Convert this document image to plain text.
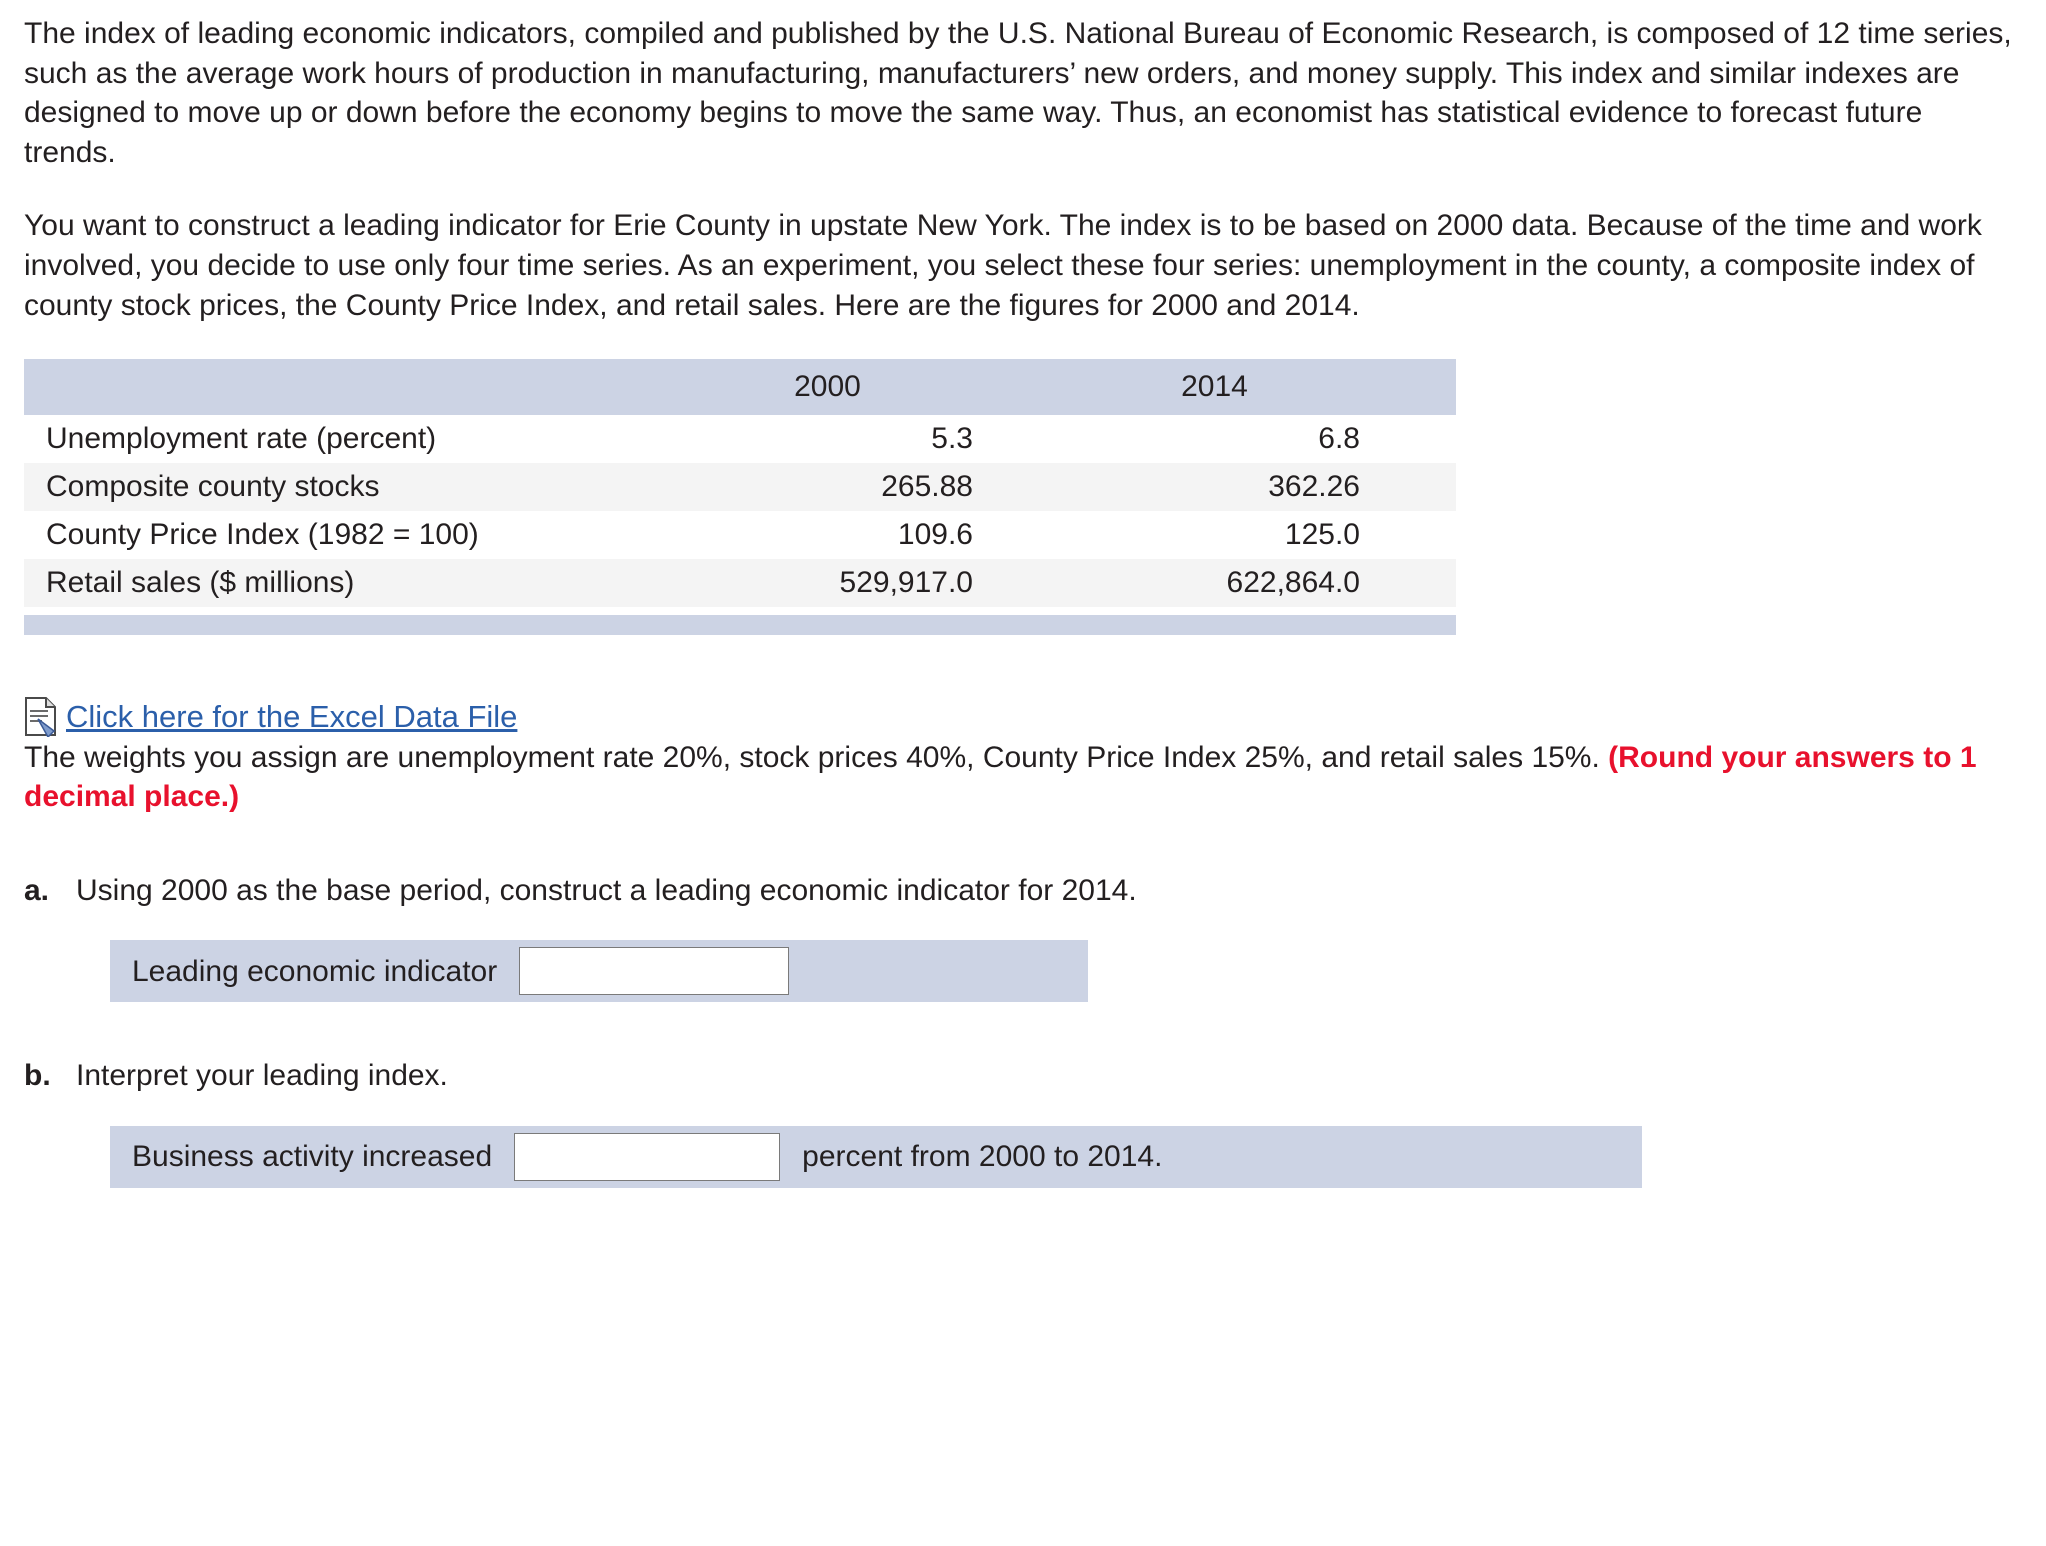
The index of leading economic indicators, compiled and published by the U.S. National Bureau of Economic Research, is composed of 12 time series, such as the average work hours of production in manufacturing, manufacturers’ new orders, and money supply. This index and similar indexes are designed to move up or down before the economy begins to move the same way. Thus, an economist has statistical evidence to forecast future trends.

You want to construct a leading indicator for Erie County in upstate New York. The index is to be based on 2000 data. Because of the time and work involved, you decide to use only four time series. As an experiment, you select these four series: unemployment in the county, a composite index of county stock prices, the County Price Index, and retail sales. Here are the figures for 2000 and 2014.

	2000	2014
Unemployment rate (percent)	5.3	6.8
Composite county stocks	265.88	362.26
County Price Index (1982 = 100)	109.6	125.0
Retail sales ($ millions)	529,917.0	622,864.0
Click here for the Excel Data File

The weights you assign are unemployment rate 20%, stock prices 40%, County Price Index 25%, and retail sales 15%. (Round your answers to 1 decimal place.)

a. Using 2000 as the base period, construct a leading economic indicator for 2014.
Leading economic indicator
b. Interpret your leading index.
Business activity increased	percent from 2000 to 2014.
